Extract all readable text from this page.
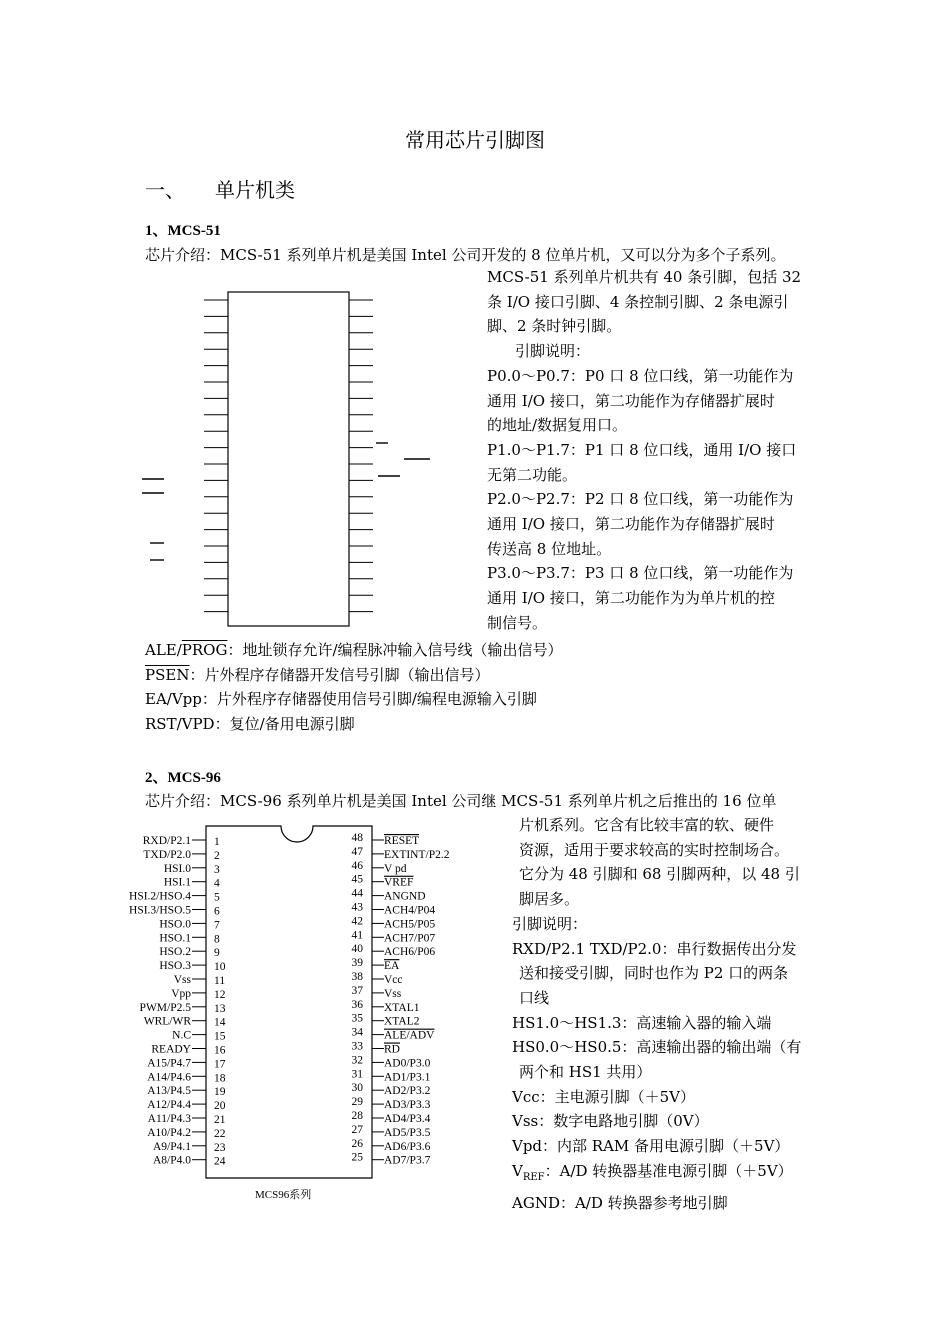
常用芯片引脚图
一、 单片机类
1、MCS-51
芯片介绍：MCS-51 系列单片机是美国 Intel 公司开发的 8 位单片机，又可以分为多个子系列。
MCS-51 系列单片机共有 40 条引脚，包括 32
条 I/O 接口引脚、4 条控制引脚、2 条电源引
脚、2 条时钟引脚。
引脚说明：
P0.0～P0.7：P0 口 8 位口线，第一功能作为
通用 I/O 接口，第二功能作为存储器扩展时
的地址/数据复用口。
P1.0～P1.7：P1 口 8 位口线，通用 I/O 接口
无第二功能。
P2.0～P2.7：P2 口 8 位口线，第一功能作为
通用 I/O 接口，第二功能作为存储器扩展时
传送高 8 位地址。
P3.0～P3.7：P3 口 8 位口线，第一功能作为
通用 I/O 接口，第二功能作为为单片机的控
制信号。
ALE/PROG：地址锁存允许/编程脉冲输入信号线（输出信号）
PSEN：片外程序存储器开发信号引脚（输出信号）
EA/Vpp：片外程序存储器使用信号引脚/编程电源输入引脚
RST/VPD：复位/备用电源引脚
2、MCS-96
芯片介绍：MCS-96 系列单片机是美国 Intel 公司继 MCS-51 系列单片机之后推出的 16 位单
RXD/P2.1 1	48 RESET
TXD/P2.0 2	47 EXTINT/P2.2
HSI.0 3	46 V pd
HSI.1 4	45 VREF
HSI.2/HSO.4 5	44 ANGND
HSI.3/HSO.5 6	43 ACH4/P04
HSO.0 7	42 ACH5/P05
HSO.1 8	41 ACH7/P07
HSO.2 9	40 ACH6/P06
HSO.3 10	39 EA
Vss 11	38 Vcc
Vpp 12	37 Vss
PWM/P2.5 13	36 XTAL1
WRL/WR 14	35 XTAL2
N.C 15	34 ALE/ADV
READY 16	33 RD
A15/P4.7 17	32 AD0/P3.0
A14/P4.6 18	31 AD1/P3.1
A13/P4.5 19	30 AD2/P3.2
A12/P4.4 20	29 AD3/P3.3
A11/P4.3 21	28 AD4/P3.4
A10/P4.2 22	27 AD5/P3.5
A9/P4.1 23	26 AD6/P3.6
A8/P4.0 24	25 AD7/P3.7
MCS96系列
片机系列。它含有比较丰富的软、硬件
资源，适用于要求较高的实时控制场合。
它分为 48 引脚和 68 引脚两种，以 48 引
脚居多。
引脚说明：
RXD/P2.1 TXD/P2.0：串行数据传出分发
送和接受引脚，同时也作为 P2 口的两条
口线
HS1.0～HS1.3：高速输入器的输入端
HS0.0～HS0.5：高速输出器的输出端（有
两个和 HS1 共用）
Vcc：主电源引脚（＋5V）
Vss：数字电路地引脚（0V）
Vpd：内部 RAM 备用电源引脚（＋5V）
$V_{REF}$：A/D 转换器基准电源引脚（＋5V）
AGND：A/D 转换器参考地引脚
